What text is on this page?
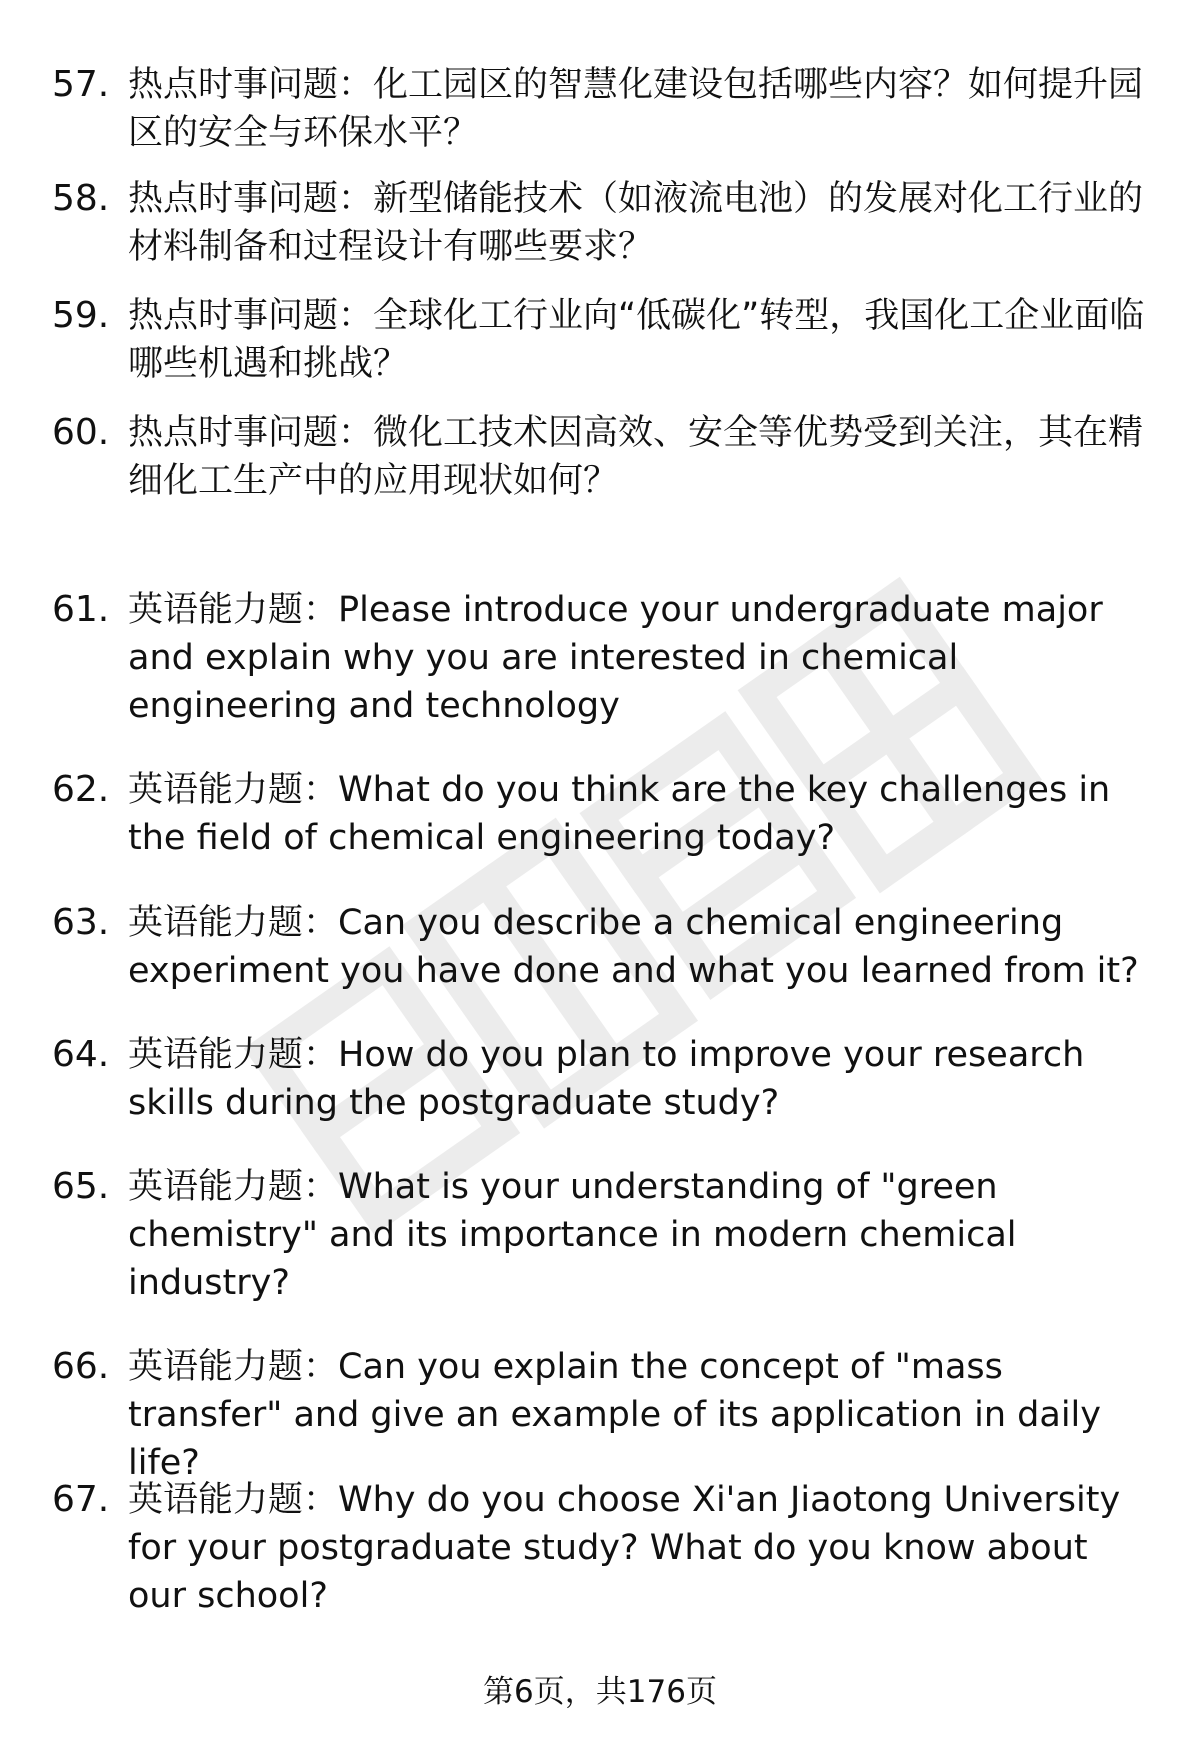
57. 热点时事问题：化工园区的智慧化建设包括哪些内容？如何提升园区的安全与环保水平？
58. 热点时事问题：新型储能技术（如液流电池）的发展对化工行业的材料制备和过程设计有哪些要求？
59. 热点时事问题：全球化工行业向“低碳化”转型，我国化工企业面临哪些机遇和挑战？
60. 热点时事问题：微化工技术因高效、安全等优势受到关注，其在精细化工生产中的应用现状如何？
61. 英语能力题：Please introduce your undergraduate major and explain why you are interested in chemical engineering and technology
62. 英语能力题：What do you think are the key challenges in the field of chemical engineering today?
63. 英语能力题：Can you describe a chemical engineering experiment you have done and what you learned from it?
64. 英语能力题：How do you plan to improve your research skills during the postgraduate study?
65. 英语能力题：What is your understanding of "green chemistry" and its importance in modern chemical industry?
66. 英语能力题：Can you explain the concept of "mass transfer" and give an example of its application in daily life?
67. 英语能力题：Why do you choose Xi'an Jiaotong University for your postgraduate study? What do you know about our school?
第6页，共176页
